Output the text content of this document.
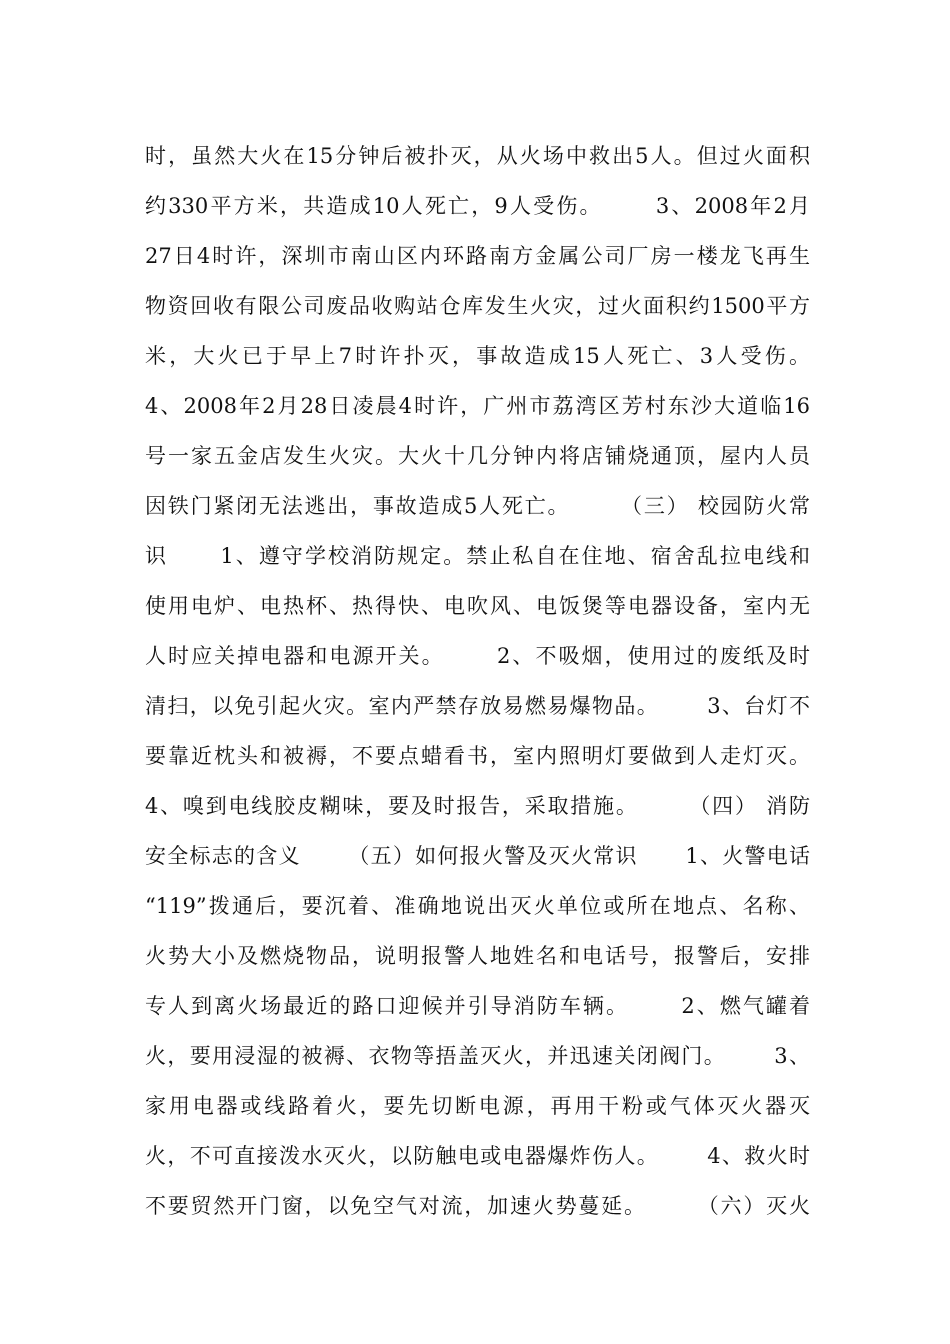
时，虽然大火在15分钟后被扑灭，从火场中救出5人。但过火面积
约330平方米，共造成10人死亡，9人受伤。      3、2008年2月
27日4时许，深圳市南山区内环路南方金属公司厂房一楼龙飞再生
物资回收有限公司废品收购站仓库发生火灾，过火面积约1500平方
米，大火已于早上7时许扑灭，事故造成15人死亡、3人受伤。
4、2008年2月28日凌晨4时许，广州市荔湾区芳村东沙大道临16
号一家五金店发生火灾。大火十几分钟内将店铺烧通顶，屋内人员
因铁门紧闭无法逃出，事故造成5人死亡。      （三） 校园防火常
识      1、遵守学校消防规定。禁止私自在住地、宿舍乱拉电线和
使用电炉、电热杯、热得快、电吹风、电饭煲等电器设备，室内无
人时应关掉电器和电源开关。      2、不吸烟，使用过的废纸及时
清扫，以免引起火灾。室内严禁存放易燃易爆物品。      3、台灯不
要靠近枕头和被褥，不要点蜡看书，室内照明灯要做到人走灯灭。
4、嗅到电线胶皮糊味，要及时报告，采取措施。      （四） 消防
安全标志的含义      （五）如何报火警及灭火常识      1、火警电话
“119”拨通后，要沉着、准确地说出灭火单位或所在地点、名称、
火势大小及燃烧物品，说明报警人地姓名和电话号，报警后，安排
专人到离火场最近的路口迎候并引导消防车辆。      2、燃气罐着
火，要用浸湿的被褥、衣物等捂盖灭火，并迅速关闭阀门。      3、
家用电器或线路着火，要先切断电源，再用干粉或气体灭火器灭
火，不可直接泼水灭火，以防触电或电器爆炸伤人。      4、救火时
不要贸然开门窗，以免空气对流，加速火势蔓延。      （六）灭火
